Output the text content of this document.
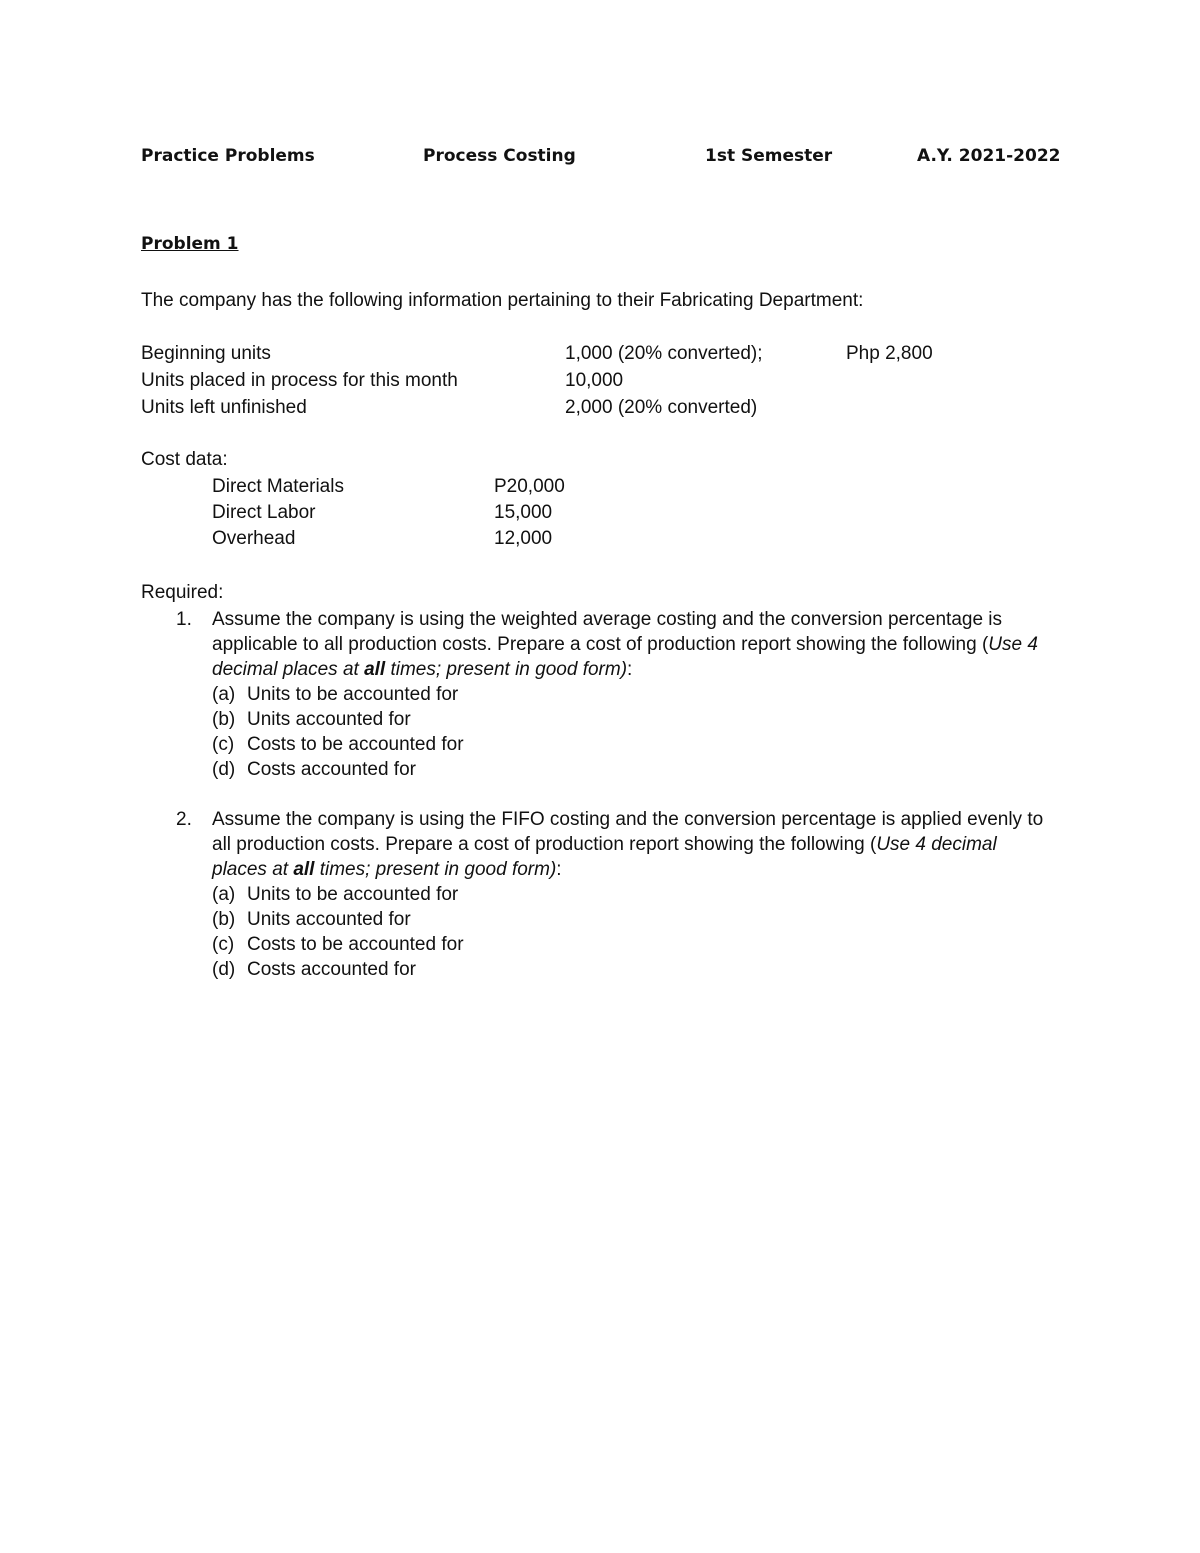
Practice Problems	Process Costing	1st Semester	A.Y. 2021-2022
Problem 1
The company has the following information pertaining to their Fabricating Department:
Beginning units	1,000 (20% converted);	Php 2,800
Units placed in process for this month	10,000
Units left unfinished	2,000 (20% converted)
Cost data:
Direct Materials	P20,000
Direct Labor	15,000
Overhead	12,000
Required:
1. Assume the company is using the weighted average costing and the conversion percentage is applicable to all production costs. Prepare a cost of production report showing the following (Use 4 decimal places at all times; present in good form):
(a) Units to be accounted for
(b) Units accounted for
(c) Costs to be accounted for
(d) Costs accounted for
2. Assume the company is using the FIFO costing and the conversion percentage is applied evenly to all production costs. Prepare a cost of production report showing the following (Use 4 decimal places at all times; present in good form):
(a) Units to be accounted for
(b) Units accounted for
(c) Costs to be accounted for
(d) Costs accounted for
